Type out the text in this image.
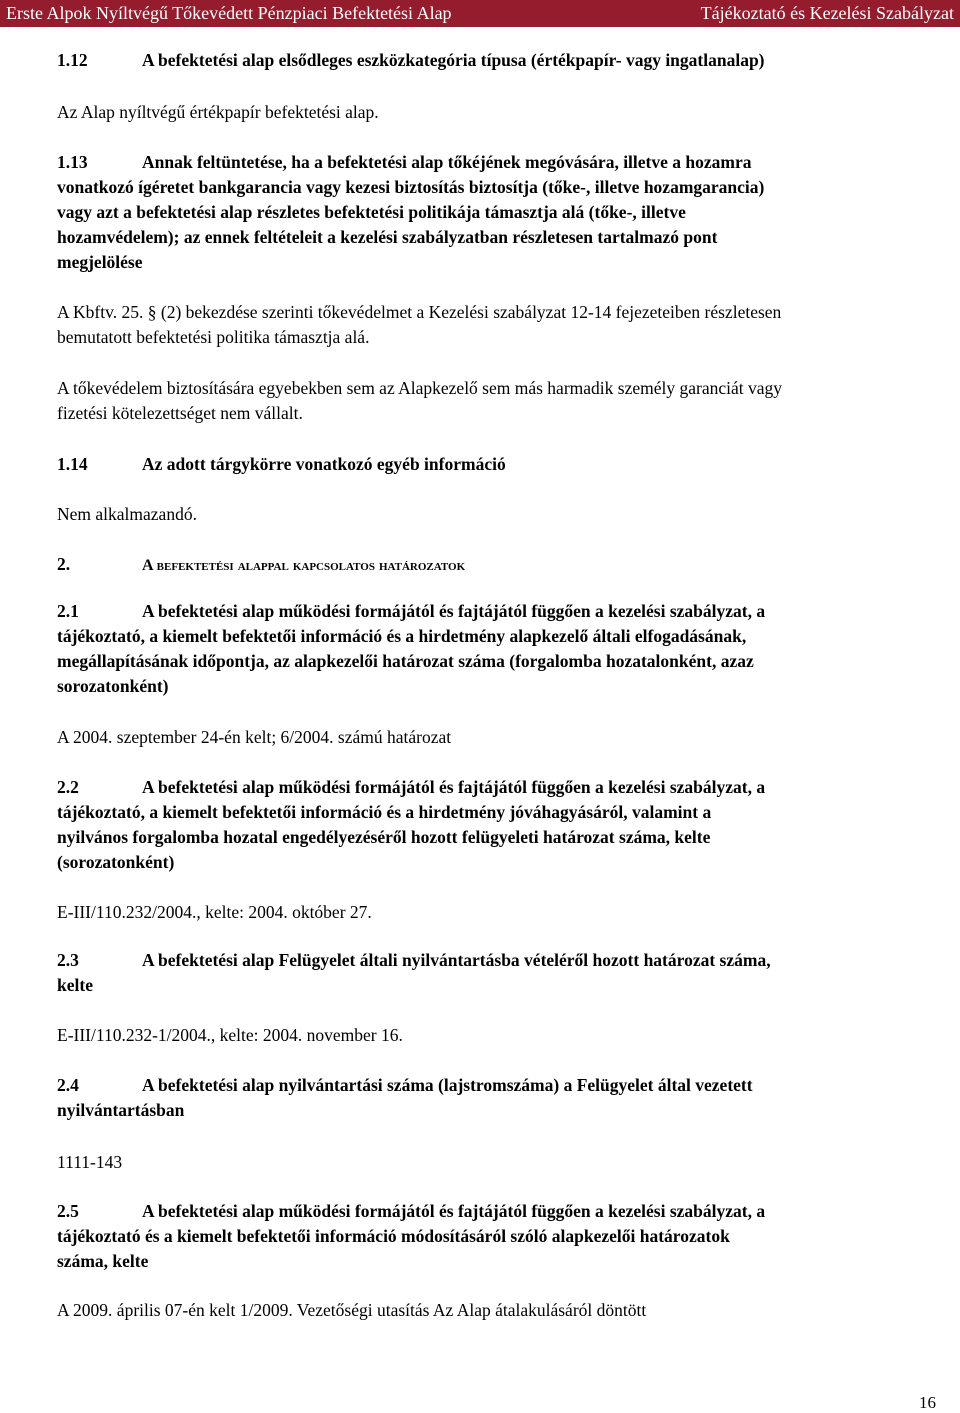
Erste Alpok Nyíltvégű Tőkevédett Pénzpiaci Befektetési Alap	Tájékoztató és Kezelési Szabályzat
1.12	A befektetési alap elsődleges eszközkategória típusa (értékpapír- vagy ingatlanalap)
Az Alap nyíltvégű értékpapír befektetési alap.
1.13	Annak feltüntetése, ha a befektetési alap tőkéjének megóvására, illetve a hozamra
vonatkozó ígéretet bankgarancia vagy kezesi biztosítás biztosítja (tőke-, illetve hozamgarancia)
vagy azt a befektetési alap részletes befektetési politikája támasztja alá (tőke-, illetve
hozamvédelem); az ennek feltételeit a kezelési szabályzatban részletesen tartalmazó pont
megjelölése
A Kbftv. 25. § (2) bekezdése szerinti tőkevédelmet a Kezelési szabályzat 12-14 fejezeteiben részletesen
bemutatott befektetési politika támasztja alá.
A tőkevédelem biztosítására egyebekben sem az Alapkezelő sem más harmadik személy garanciát vagy
fizetési kötelezettséget nem vállalt.
1.14	Az adott tárgykörre vonatkozó egyéb információ
Nem alkalmazandó.
2.	A befektetési alappal kapcsolatos határozatok
2.1	A befektetési alap működési formájától és fajtájától függően a kezelési szabályzat, a
tájékoztató, a kiemelt befektetői információ és a hirdetmény alapkezelő általi elfogadásának,
megállapításának időpontja, az alapkezelői határozat száma (forgalomba hozatalonként, azaz
sorozatonként)
A 2004. szeptember 24-én kelt; 6/2004. számú határozat
2.2	A befektetési alap működési formájától és fajtájától függően a kezelési szabályzat, a
tájékoztató, a kiemelt befektetői információ és a hirdetmény jóváhagyásáról, valamint a
nyilvános forgalomba hozatal engedélyezéséről hozott felügyeleti határozat száma, kelte
(sorozatonként)
E-III/110.232/2004., kelte: 2004. október 27.
2.3	A befektetési alap Felügyelet általi nyilvántartásba vételéről hozott határozat száma,
kelte
E-III/110.232-1/2004., kelte: 2004. november 16.
2.4	A befektetési alap nyilvántartási száma (lajstromszáma) a Felügyelet által vezetett
nyilvántartásban
1111-143
2.5	A befektetési alap működési formájától és fajtájától függően a kezelési szabályzat, a
tájékoztató és a kiemelt befektetői információ módosításáról szóló alapkezelői határozatok
száma, kelte
A 2009. április 07-én kelt 1/2009. Vezetőségi utasítás Az Alap átalakulásáról döntött
16
